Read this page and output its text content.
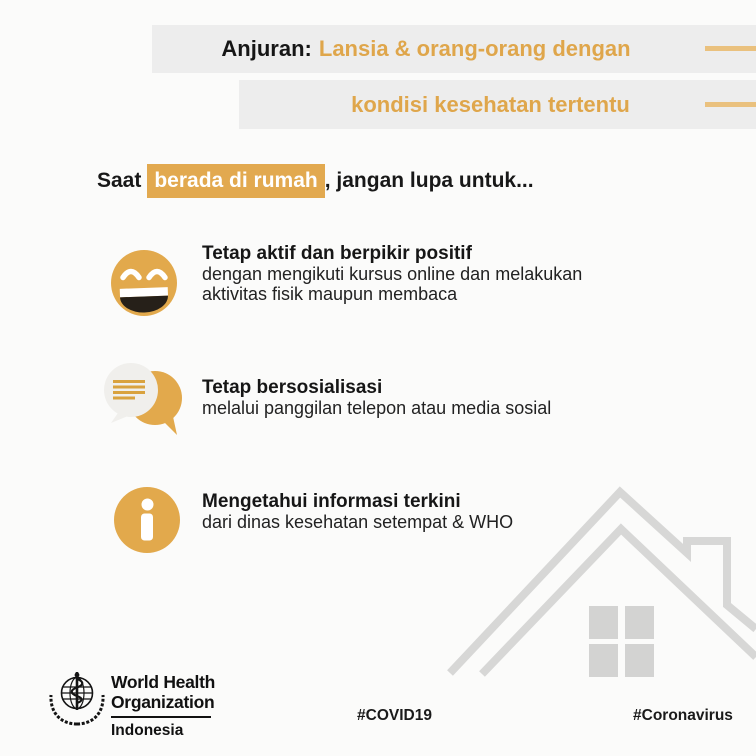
Anjuran: Lansia & orang-orang dengan
kondisi kesehatan tertentu
Saat berada di rumah , jangan lupa untuk...
Tetap aktif dan berpikir positif
dengan mengikuti kursus online dan melakukan aktivitas fisik maupun membaca
Tetap bersosialisasi
melalui panggilan telepon atau media sosial
Mengetahui informasi terkini
dari dinas kesehatan setempat & WHO
World Health
Organization
Indonesia
#COVID19	#Coronavirus
